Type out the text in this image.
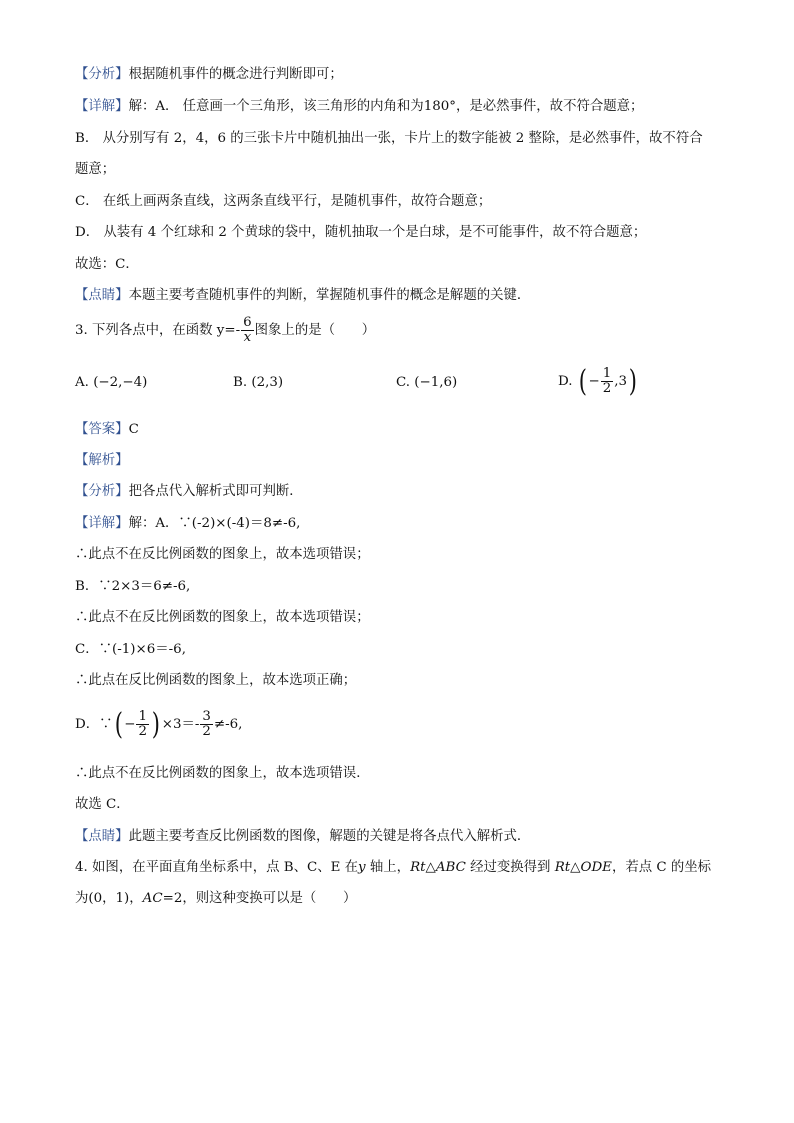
【分析】根据随机事件的概念进行判断即可；
【详解】解：A． 任意画一个三角形，该三角形的内角和为180°，是必然事件，故不符合题意；
B． 从分别写有 2，4，6 的三张卡片中随机抽出一张，卡片上的数字能被 2 整除，是必然事件，故不符合
题意；
C． 在纸上画两条直线，这两条直线平行，是随机事件，故符合题意；
D． 从装有 4 个红球和 2 个黄球的袋中，随机抽取一个是白球，是不可能事件，故不符合题意；
故选：C．
【点睛】本题主要考查随机事件的判断，掌握随机事件的概念是解题的关键．
3. 下列各点中，在函数 $y=- \frac{6}{x}$ 图象上的是（　　）
A. (−2,−4)	B. (2,3)	C. (−1,6)	D. ( − $\frac{1}{2} ,3$)
【答案】C
【解析】
【分析】把各点代入解析式即可判断．
【详解】解：A．∵(-2)×(-4)＝8≠-6,
∴此点不在反比例函数的图象上，故本选项错误；
B．∵2×3＝6≠-6,
∴此点不在反比例函数的图象上，故本选项错误；
C．∵(-1)×6＝-6,
∴此点在反比例函数的图象上，故本选项正确；
D．∵( − $\frac{1}{2}$ ) $\times 3=- \frac{3}{2} \ne-6$,
∴此点不在反比例函数的图象上，故本选项错误．
故选 C．
【点睛】此题主要考查反比例函数的图像，解题的关键是将各点代入解析式．
4. 如图，在平面直角坐标系中，点 B、C、E 在y 轴上，Rt△ABC 经过变换得到 Rt△ODE，若点 C 的坐标
为(0，1)，AC=2，则这种变换可以是（　　）
